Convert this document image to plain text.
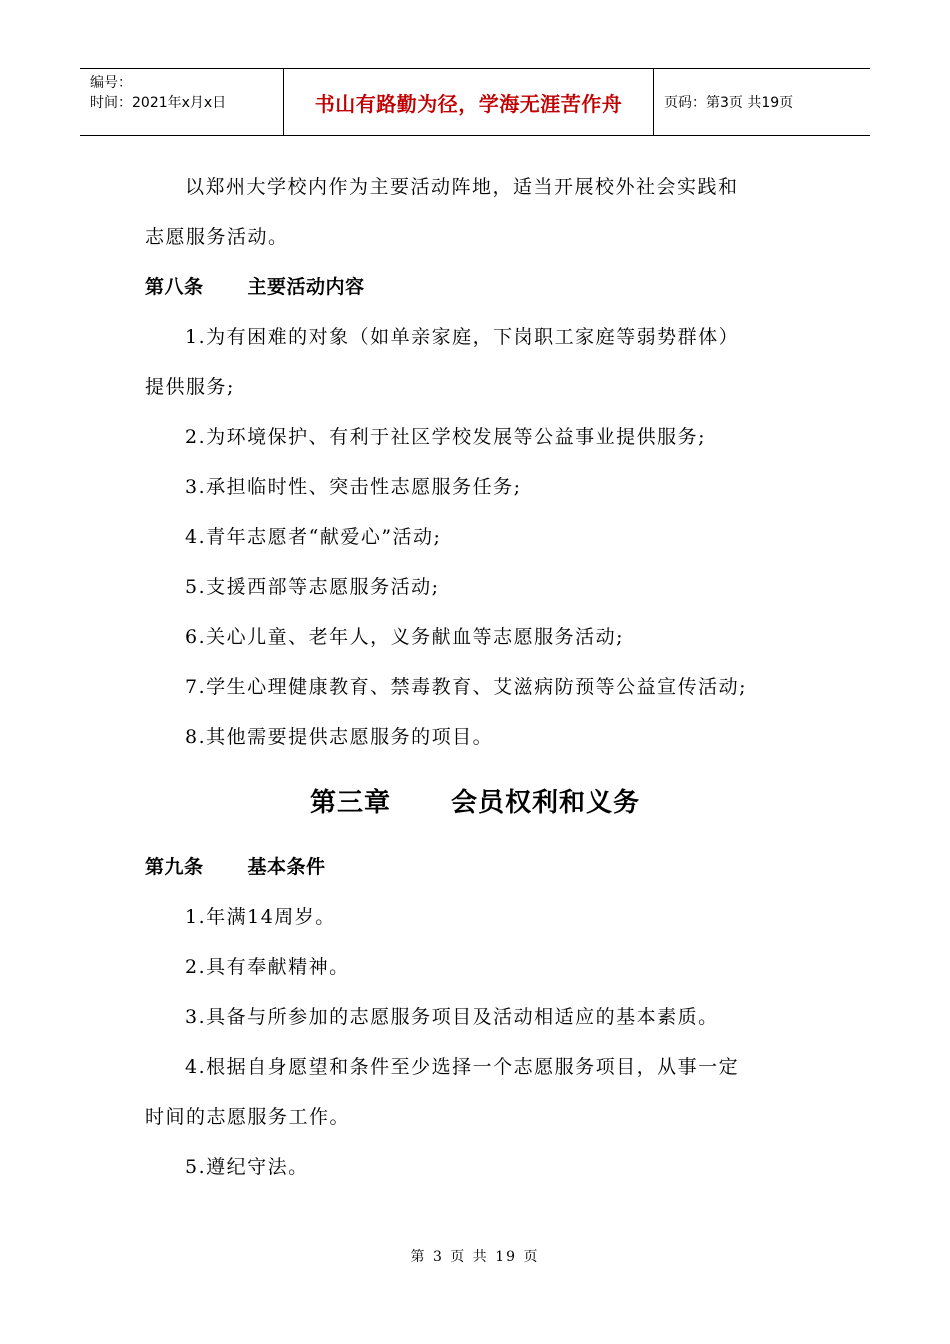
编号：
时间：2021年x月x日	书山有路勤为径，学海无涯苦作舟	页码：第3页 共19页
以郑州大学校内作为主要活动阵地，适当开展校外社会实践和
志愿服务活动。
第八条 主要活动内容
1.为有困难的对象（如单亲家庭，下岗职工家庭等弱势群体）
提供服务;
2.为环境保护、有利于社区学校发展等公益事业提供服务;
3.承担临时性、突击性志愿服务任务;
4.青年志愿者“献爱心”活动;
5.支援西部等志愿服务活动;
6.关心儿童、老年人，义务献血等志愿服务活动;
7.学生心理健康教育、禁毒教育、艾滋病防预等公益宣传活动;
8.其他需要提供志愿服务的项目。
第三章 会员权利和义务
第九条 基本条件
1.年满14周岁。
2.具有奉献精神。
3.具备与所参加的志愿服务项目及活动相适应的基本素质。
4.根据自身愿望和条件至少选择一个志愿服务项目，从事一定
时间的志愿服务工作。
5.遵纪守法。
第 3 页 共 19 页
